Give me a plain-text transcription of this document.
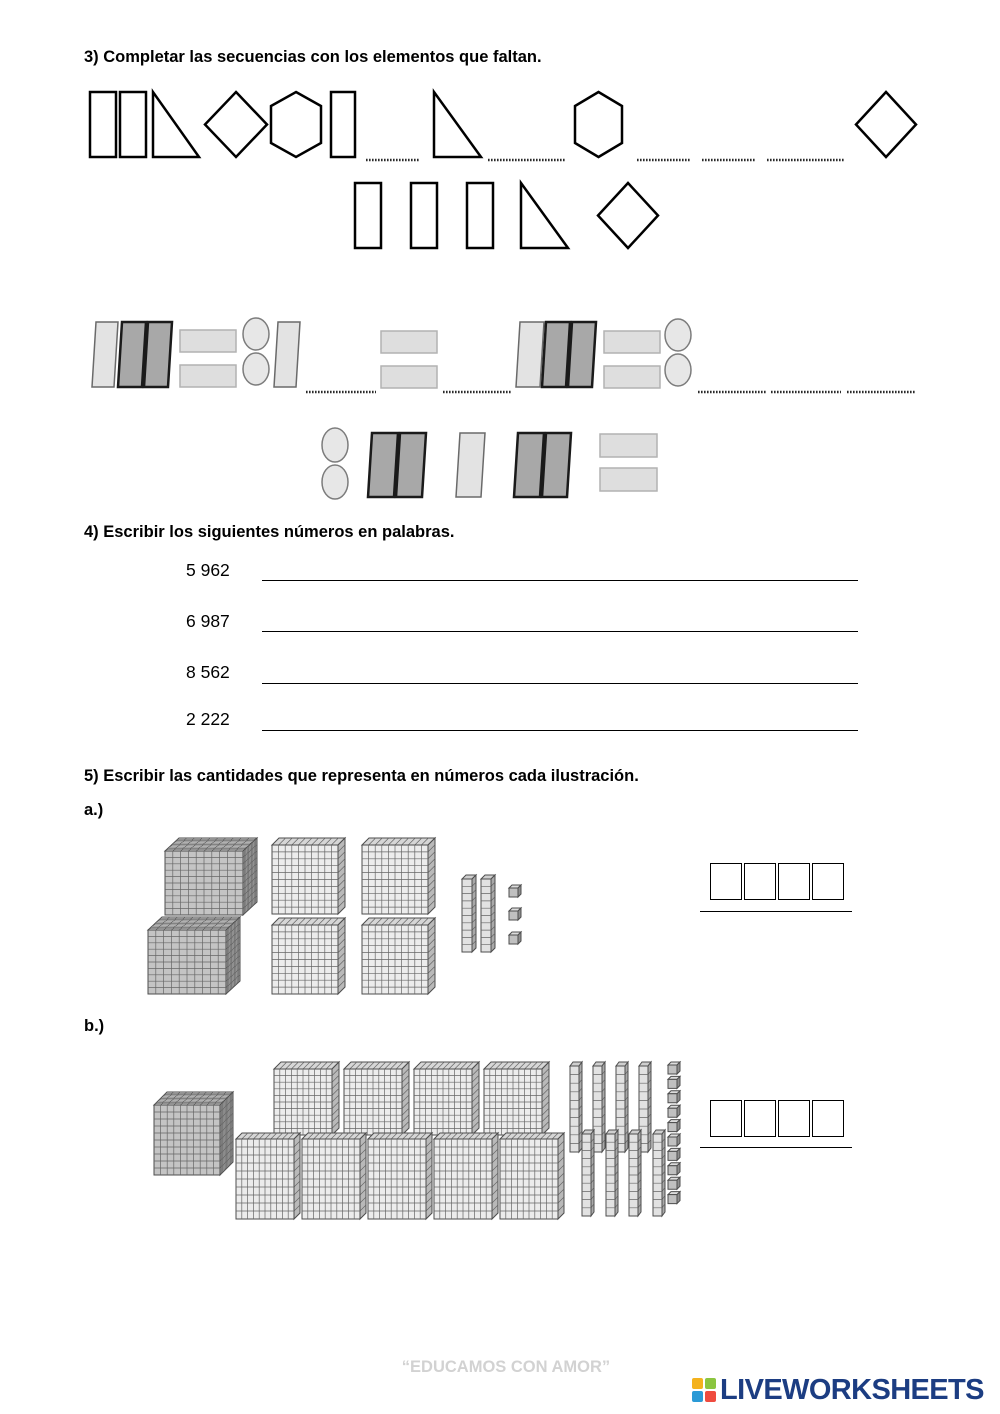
3) Completar las secuencias con los elementos que faltan.
4) Escribir los siguientes números en palabras.
5 962
6 987
8 562
2 222
5) Escribir las cantidades que representa en números cada ilustración.
a.)
b.)
“EDUCAMOS CON AMOR”
LIVEWORKSHEETS
